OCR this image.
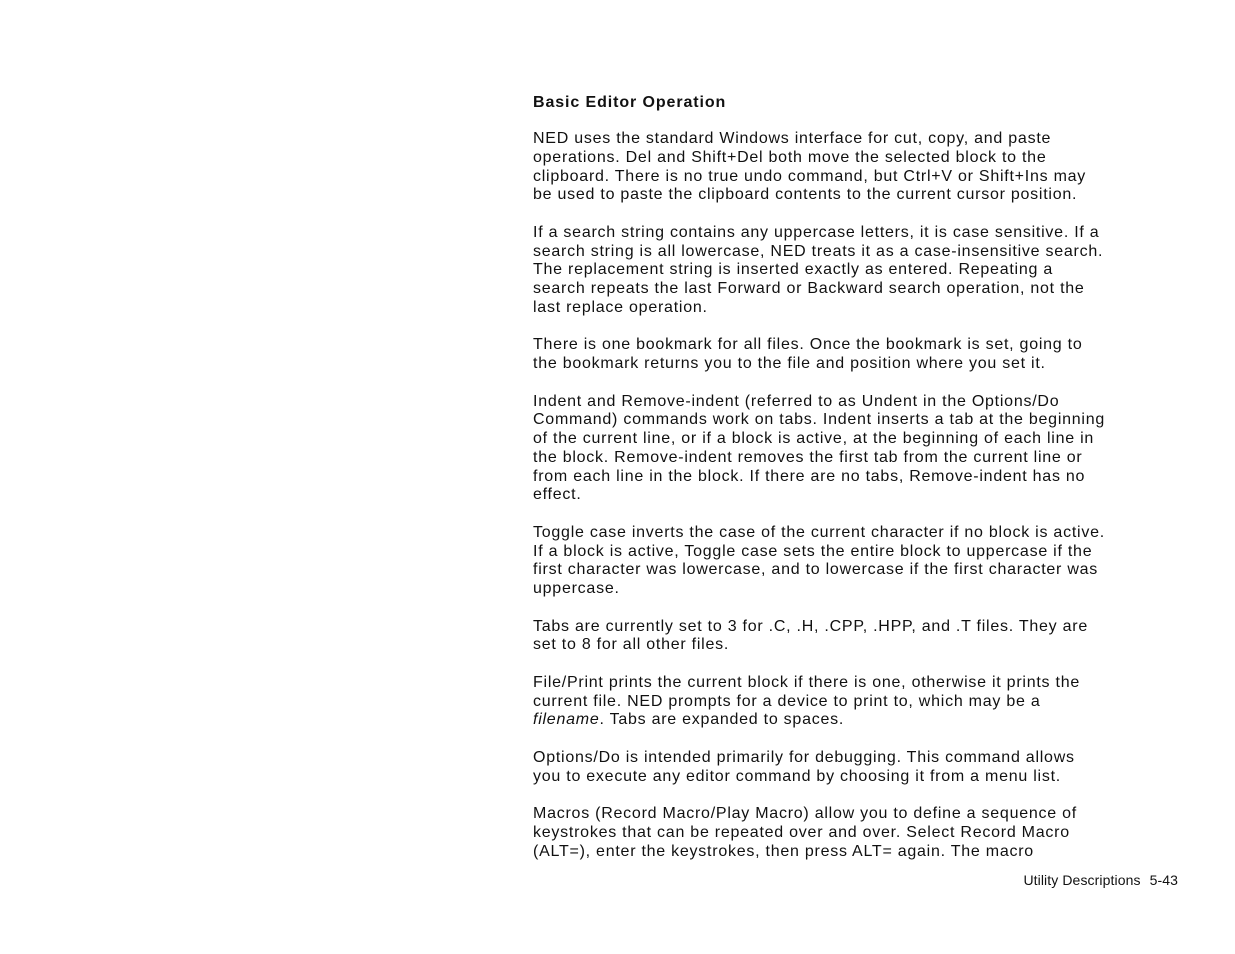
Basic Editor Operation
NED uses the standard Windows interface for cut, copy, and paste
operations. Del and Shift+Del both move the selected block to the
clipboard. There is no true undo command, but Ctrl+V or Shift+Ins may
be used to paste the clipboard contents to the current cursor position.
If a search string contains any uppercase letters, it is case sensitive. If a
search string is all lowercase, NED treats it as a case-insensitive search.
The replacement string is inserted exactly as entered. Repeating a
search repeats the last Forward or Backward search operation, not the
last replace operation.
There is one bookmark for all files. Once the bookmark is set, going to
the bookmark returns you to the file and position where you set it.
Indent and Remove-indent (referred to as Undent in the Options/Do
Command) commands work on tabs. Indent inserts a tab at the beginning
of the current line, or if a block is active, at the beginning of each line in
the block. Remove-indent removes the first tab from the current line or
from each line in the block. If there are no tabs, Remove-indent has no
effect.
Toggle case inverts the case of the current character if no block is active.
If a block is active, Toggle case sets the entire block to uppercase if the
first character was lowercase, and to lowercase if the first character was
uppercase.
Tabs are currently set to 3 for .C, .H, .CPP, .HPP, and .T files. They are
set to 8 for all other files.
File/Print prints the current block if there is one, otherwise it prints the
current file. NED prompts for a device to print to, which may be a
filename. Tabs are expanded to spaces.
Options/Do is intended primarily for debugging. This command allows
you to execute any editor command by choosing it from a menu list.
Macros (Record Macro/Play Macro) allow you to define a sequence of
keystrokes that can be repeated over and over. Select Record Macro
(ALT=), enter the keystrokes, then press ALT= again. The macro
Utility Descriptions 5-43
